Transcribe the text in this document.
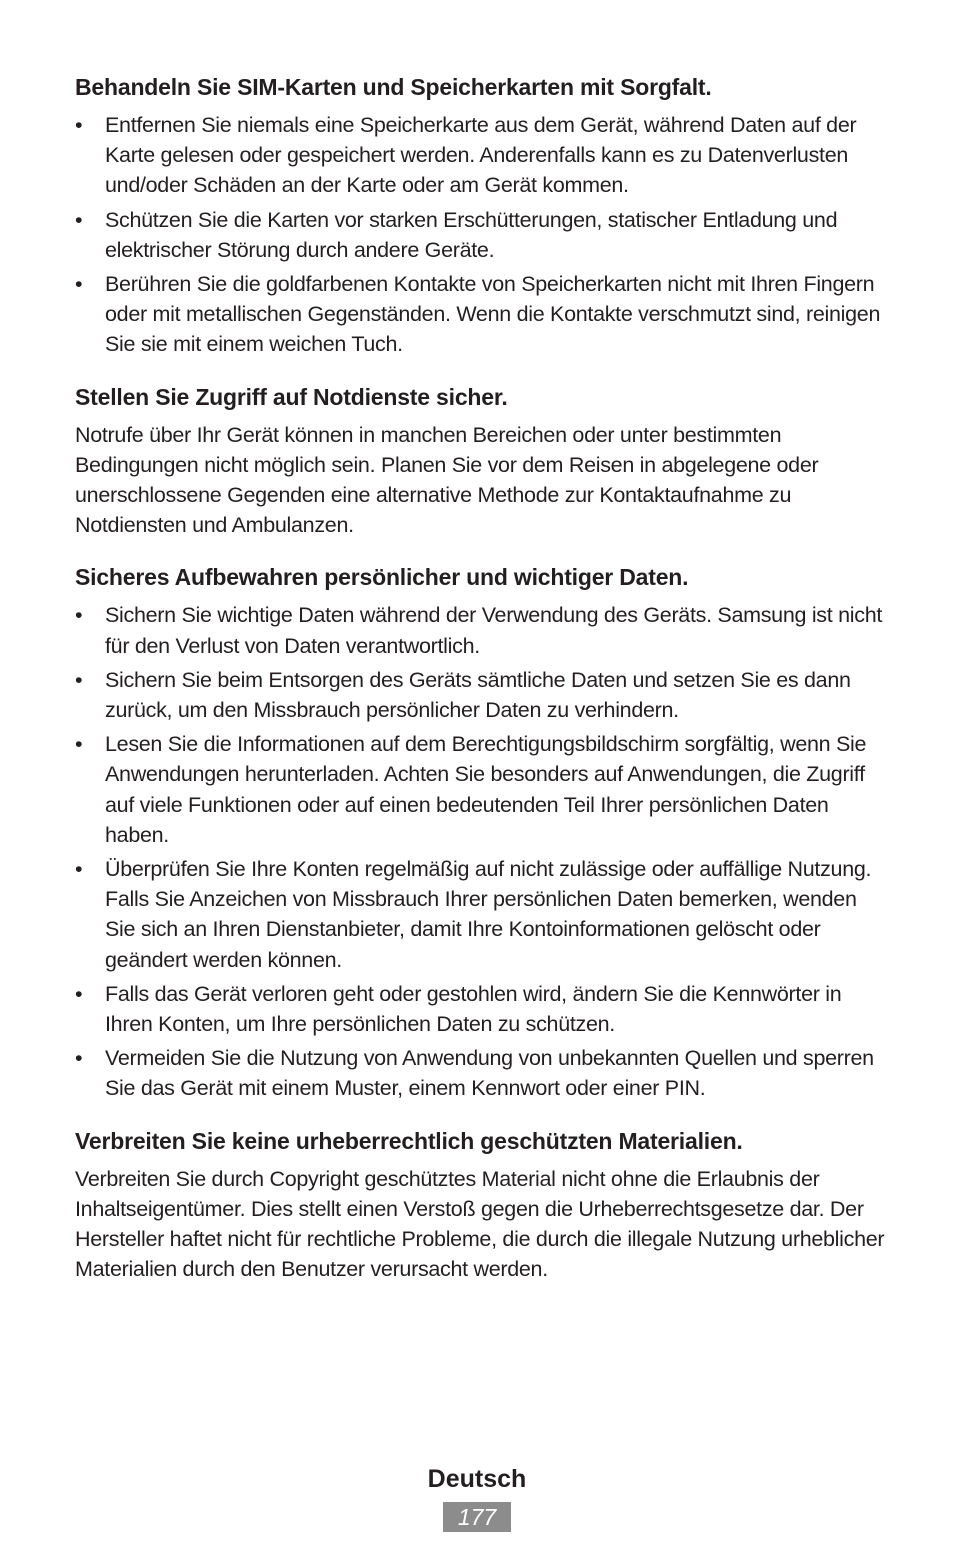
Behandeln Sie SIM-Karten und Speicherkarten mit Sorgfalt.
•	Entfernen Sie niemals eine Speicherkarte aus dem Gerät, während Daten auf der Karte gelesen oder gespeichert werden. Anderenfalls kann es zu Datenverlusten und/oder Schäden an der Karte oder am Gerät kommen.
•	Schützen Sie die Karten vor starken Erschütterungen, statischer Entladung und elektrischer Störung durch andere Geräte.
•	Berühren Sie die goldfarbenen Kontakte von Speicherkarten nicht mit Ihren Fingern oder mit metallischen Gegenständen. Wenn die Kontakte verschmutzt sind, reinigen Sie sie mit einem weichen Tuch.
Stellen Sie Zugriff auf Notdienste sicher.

Notrufe über Ihr Gerät können in manchen Bereichen oder unter bestimmten Bedingungen nicht möglich sein. Planen Sie vor dem Reisen in abgelegene oder unerschlossene Gegenden eine alternative Methode zur Kontaktaufnahme zu Notdiensten und Ambulanzen.

Sicheres Aufbewahren persönlicher und wichtiger Daten.
•	Sichern Sie wichtige Daten während der Verwendung des Geräts. Samsung ist nicht für den Verlust von Daten verantwortlich.
•	Sichern Sie beim Entsorgen des Geräts sämtliche Daten und setzen Sie es dann zurück, um den Missbrauch persönlicher Daten zu verhindern.
•	Lesen Sie die Informationen auf dem Berechtigungsbildschirm sorgfältig, wenn Sie Anwendungen herunterladen. Achten Sie besonders auf Anwendungen, die Zugriff auf viele Funktionen oder auf einen bedeutenden Teil Ihrer persönlichen Daten haben.
•	Überprüfen Sie Ihre Konten regelmäßig auf nicht zulässige oder auffällige Nutzung. Falls Sie Anzeichen von Missbrauch Ihrer persönlichen Daten bemerken, wenden Sie sich an Ihren Dienstanbieter, damit Ihre Kontoinformationen gelöscht oder geändert werden können.
•	Falls das Gerät verloren geht oder gestohlen wird, ändern Sie die Kennwörter in Ihren Konten, um Ihre persönlichen Daten zu schützen.
•	Vermeiden Sie die Nutzung von Anwendung von unbekannten Quellen und sperren Sie das Gerät mit einem Muster, einem Kennwort oder einer PIN.
Verbreiten Sie keine urheberrechtlich geschützten Materialien.

Verbreiten Sie durch Copyright geschütztes Material nicht ohne die Erlaubnis der Inhaltseigentümer. Dies stellt einen Verstoß gegen die Urheberrechtsgesetze dar. Der Hersteller haftet nicht für rechtliche Probleme, die durch die illegale Nutzung urheblicher Materialien durch den Benutzer verursacht werden.

Deutsch
177
